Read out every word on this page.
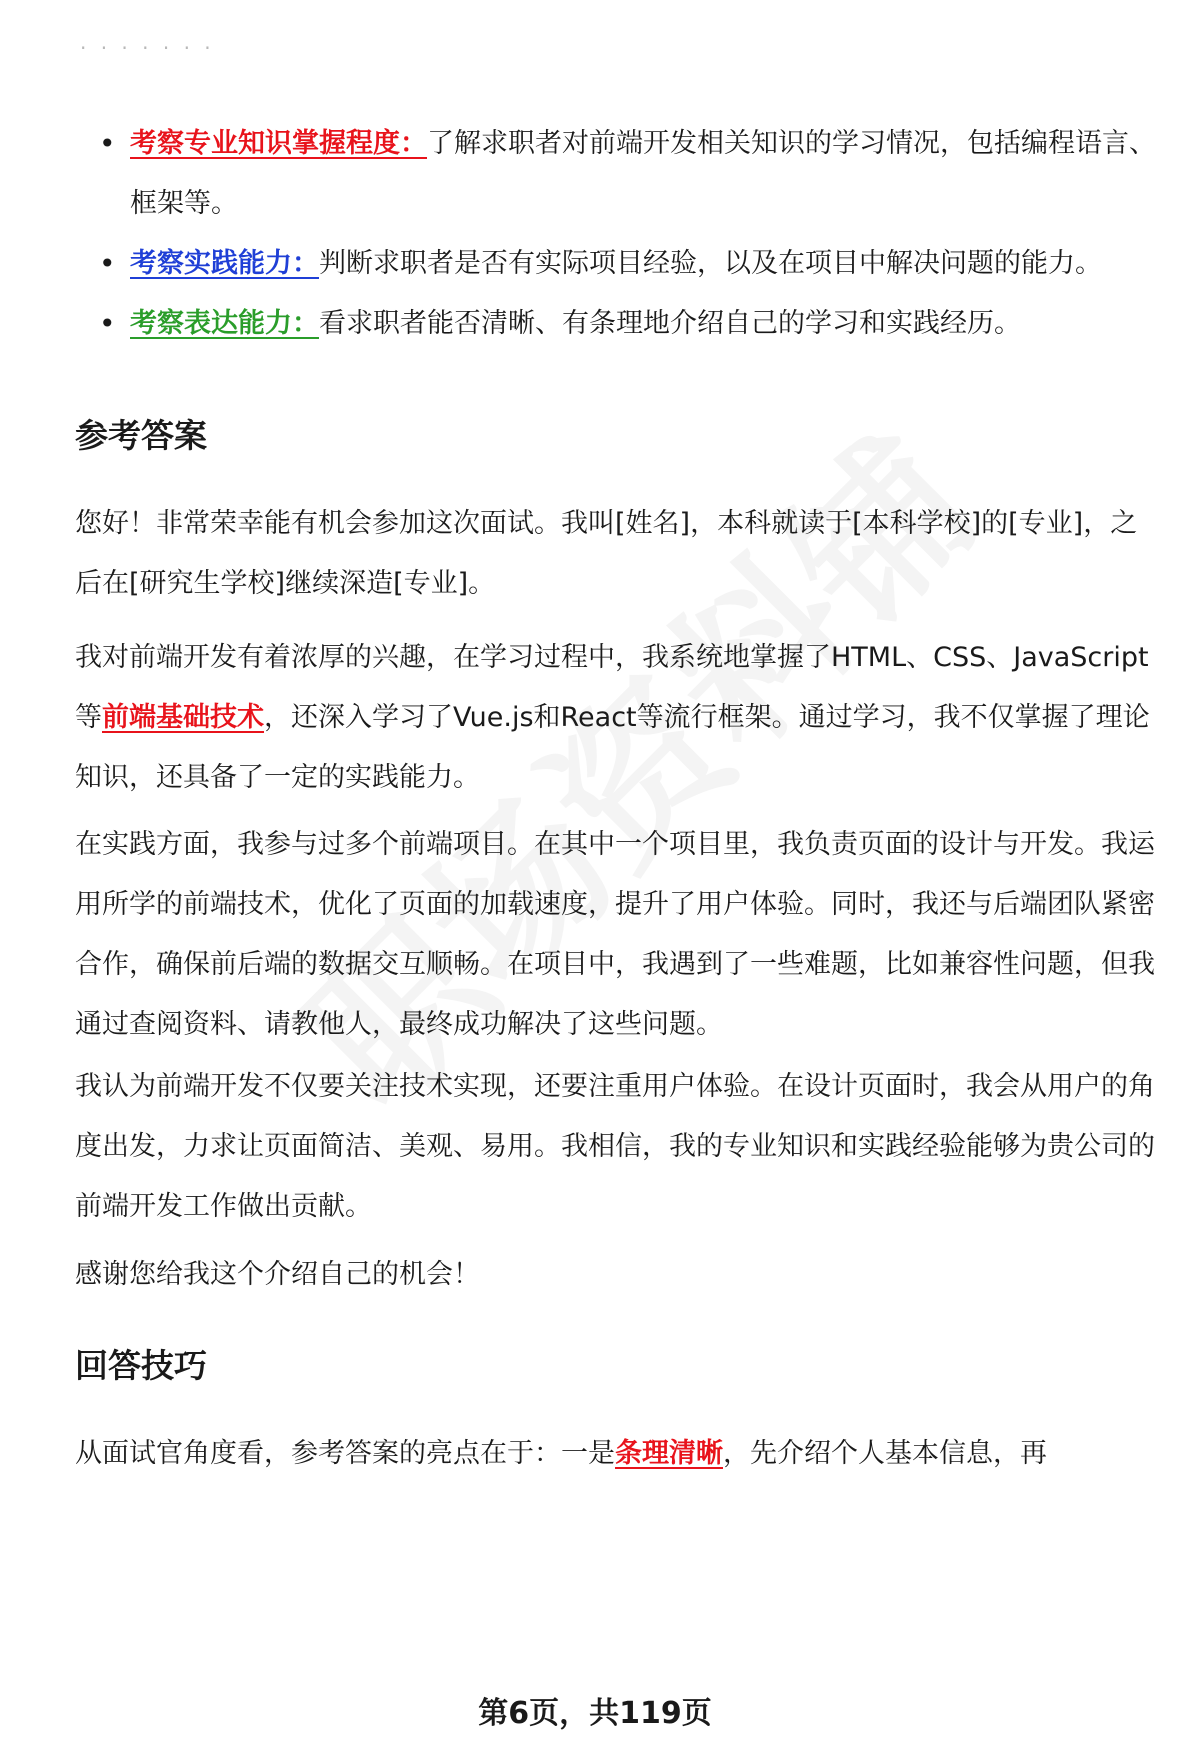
· · · · · · ·
• 考察专业知识掌握程度：了解求职者对前端开发相关知识的学习情况，包括编程语言、框架等。
• 考察实践能力：判断求职者是否有实际项目经验，以及在项目中解决问题的能力。
• 考察表达能力：看求职者能否清晰、有条理地介绍自己的学习和实践经历。
参考答案

您好！非常荣幸能有机会参加这次面试。我叫[姓名]，本科就读于[本科学校]的[专业]，之后在[研究生学校]继续深造[专业]。

我对前端开发有着浓厚的兴趣，在学习过程中，我系统地掌握了HTML、CSS、JavaScript等前端基础技术，还深入学习了Vue.js和React等流行框架。通过学习，我不仅掌握了理论知识，还具备了一定的实践能力。

在实践方面，我参与过多个前端项目。在其中一个项目里，我负责页面的设计与开发。我运用所学的前端技术，优化了页面的加载速度，提升了用户体验。同时，我还与后端团队紧密合作，确保前后端的数据交互顺畅。在项目中，我遇到了一些难题，比如兼容性问题，但我通过查阅资料、请教他人，最终成功解决了这些问题。

我认为前端开发不仅要关注技术实现，还要注重用户体验。在设计页面时，我会从用户的角度出发，力求让页面简洁、美观、易用。我相信，我的专业知识和实践经验能够为贵公司的前端开发工作做出贡献。

感谢您给我这个介绍自己的机会！

回答技巧

从面试官角度看，参考答案的亮点在于：一是条理清晰，先介绍个人基本信息，再

第6页，共119页
